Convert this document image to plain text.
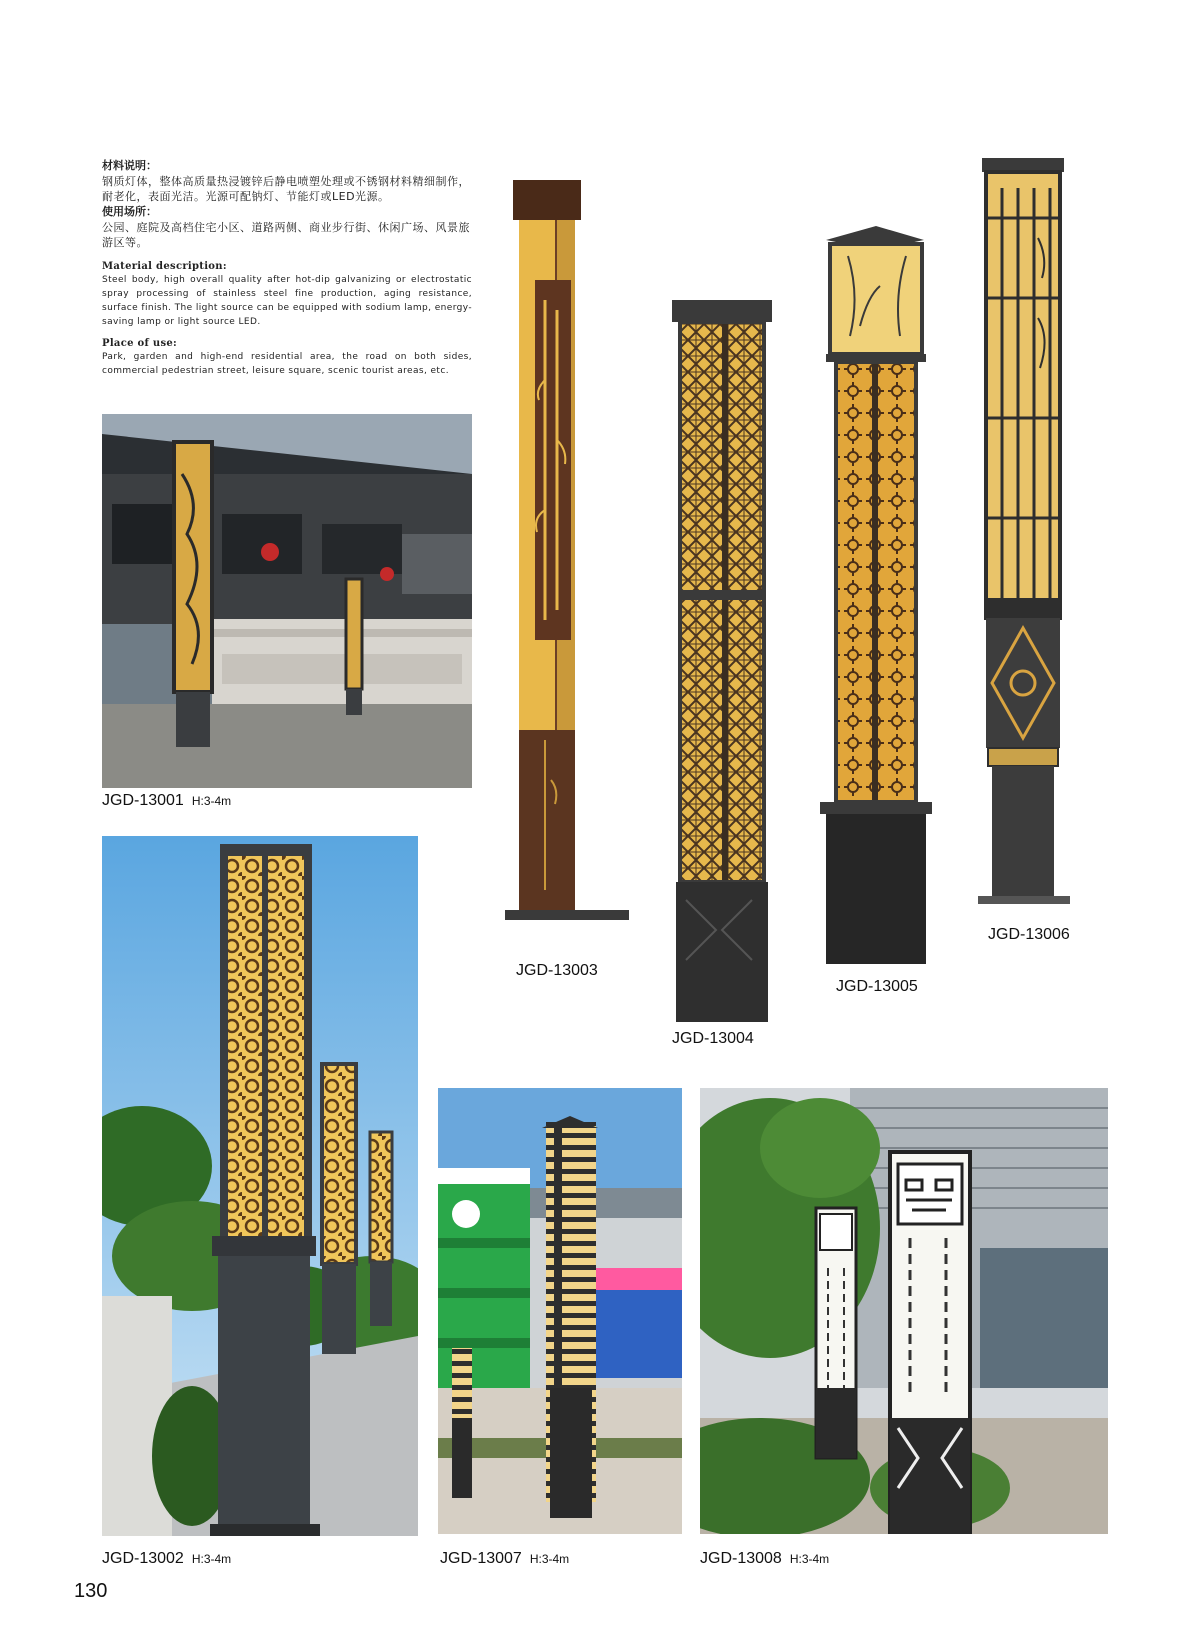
材料说明：
钢质灯体，整体高质量热浸镀锌后静电喷塑处理或不锈钢材料精细制作，耐老化，表面光洁。光源可配钠灯、节能灯或LED光源。
使用场所：
公园、庭院及高档住宅小区、道路两侧、商业步行街、休闲广场、风景旅游区等。
Material description:
Steel body, high overall quality after hot-dip galvanizing or electrostatic spray processing of stainless steel fine production, aging resistance, surface finish. The light source can be equipped with sodium lamp, energy-saving lamp or light source LED.
Place of use:
Park, garden and high-end residential area, the road on both sides, commercial pedestrian street, leisure square, scenic tourist areas, etc.
JGD-13001 H:3-4m
JGD-13003
JGD-13004
JGD-13005
JGD-13006
JGD-13002 H:3-4m	JGD-13007 H:3-4m	JGD-13008 H:3-4m
130
